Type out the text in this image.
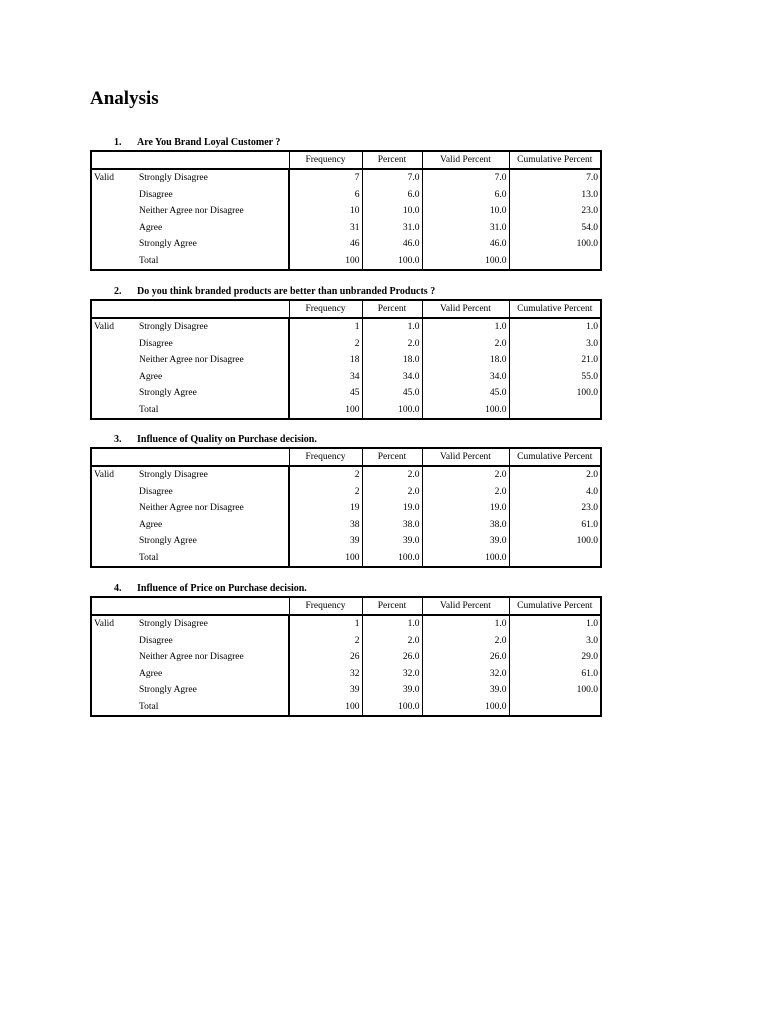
Analysis
1. Are You Brand Loyal Customer ?
		Frequency	Percent	Valid Percent	Cumulative Percent
Valid	Strongly Disagree	7	7.0	7.0	7.0
	Disagree	6	6.0	6.0	13.0
	Neither Agree nor Disagree	10	10.0	10.0	23.0
	Agree	31	31.0	31.0	54.0
	Strongly Agree	46	46.0	46.0	100.0
	Total	100	100.0	100.0	
2. Do you think branded products are better than unbranded Products ?
		Frequency	Percent	Valid Percent	Cumulative Percent
Valid	Strongly Disagree	1	1.0	1.0	1.0
	Disagree	2	2.0	2.0	3.0
	Neither Agree nor Disagree	18	18.0	18.0	21.0
	Agree	34	34.0	34.0	55.0
	Strongly Agree	45	45.0	45.0	100.0
	Total	100	100.0	100.0	
3. Influence of Quality on Purchase decision.
		Frequency	Percent	Valid Percent	Cumulative Percent
Valid	Strongly Disagree	2	2.0	2.0	2.0
	Disagree	2	2.0	2.0	4.0
	Neither Agree nor Disagree	19	19.0	19.0	23.0
	Agree	38	38.0	38.0	61.0
	Strongly Agree	39	39.0	39.0	100.0
	Total	100	100.0	100.0	
4. Influence of Price on Purchase decision.
		Frequency	Percent	Valid Percent	Cumulative Percent
Valid	Strongly Disagree	1	1.0	1.0	1.0
	Disagree	2	2.0	2.0	3.0
	Neither Agree nor Disagree	26	26.0	26.0	29.0
	Agree	32	32.0	32.0	61.0
	Strongly Agree	39	39.0	39.0	100.0
	Total	100	100.0	100.0	
